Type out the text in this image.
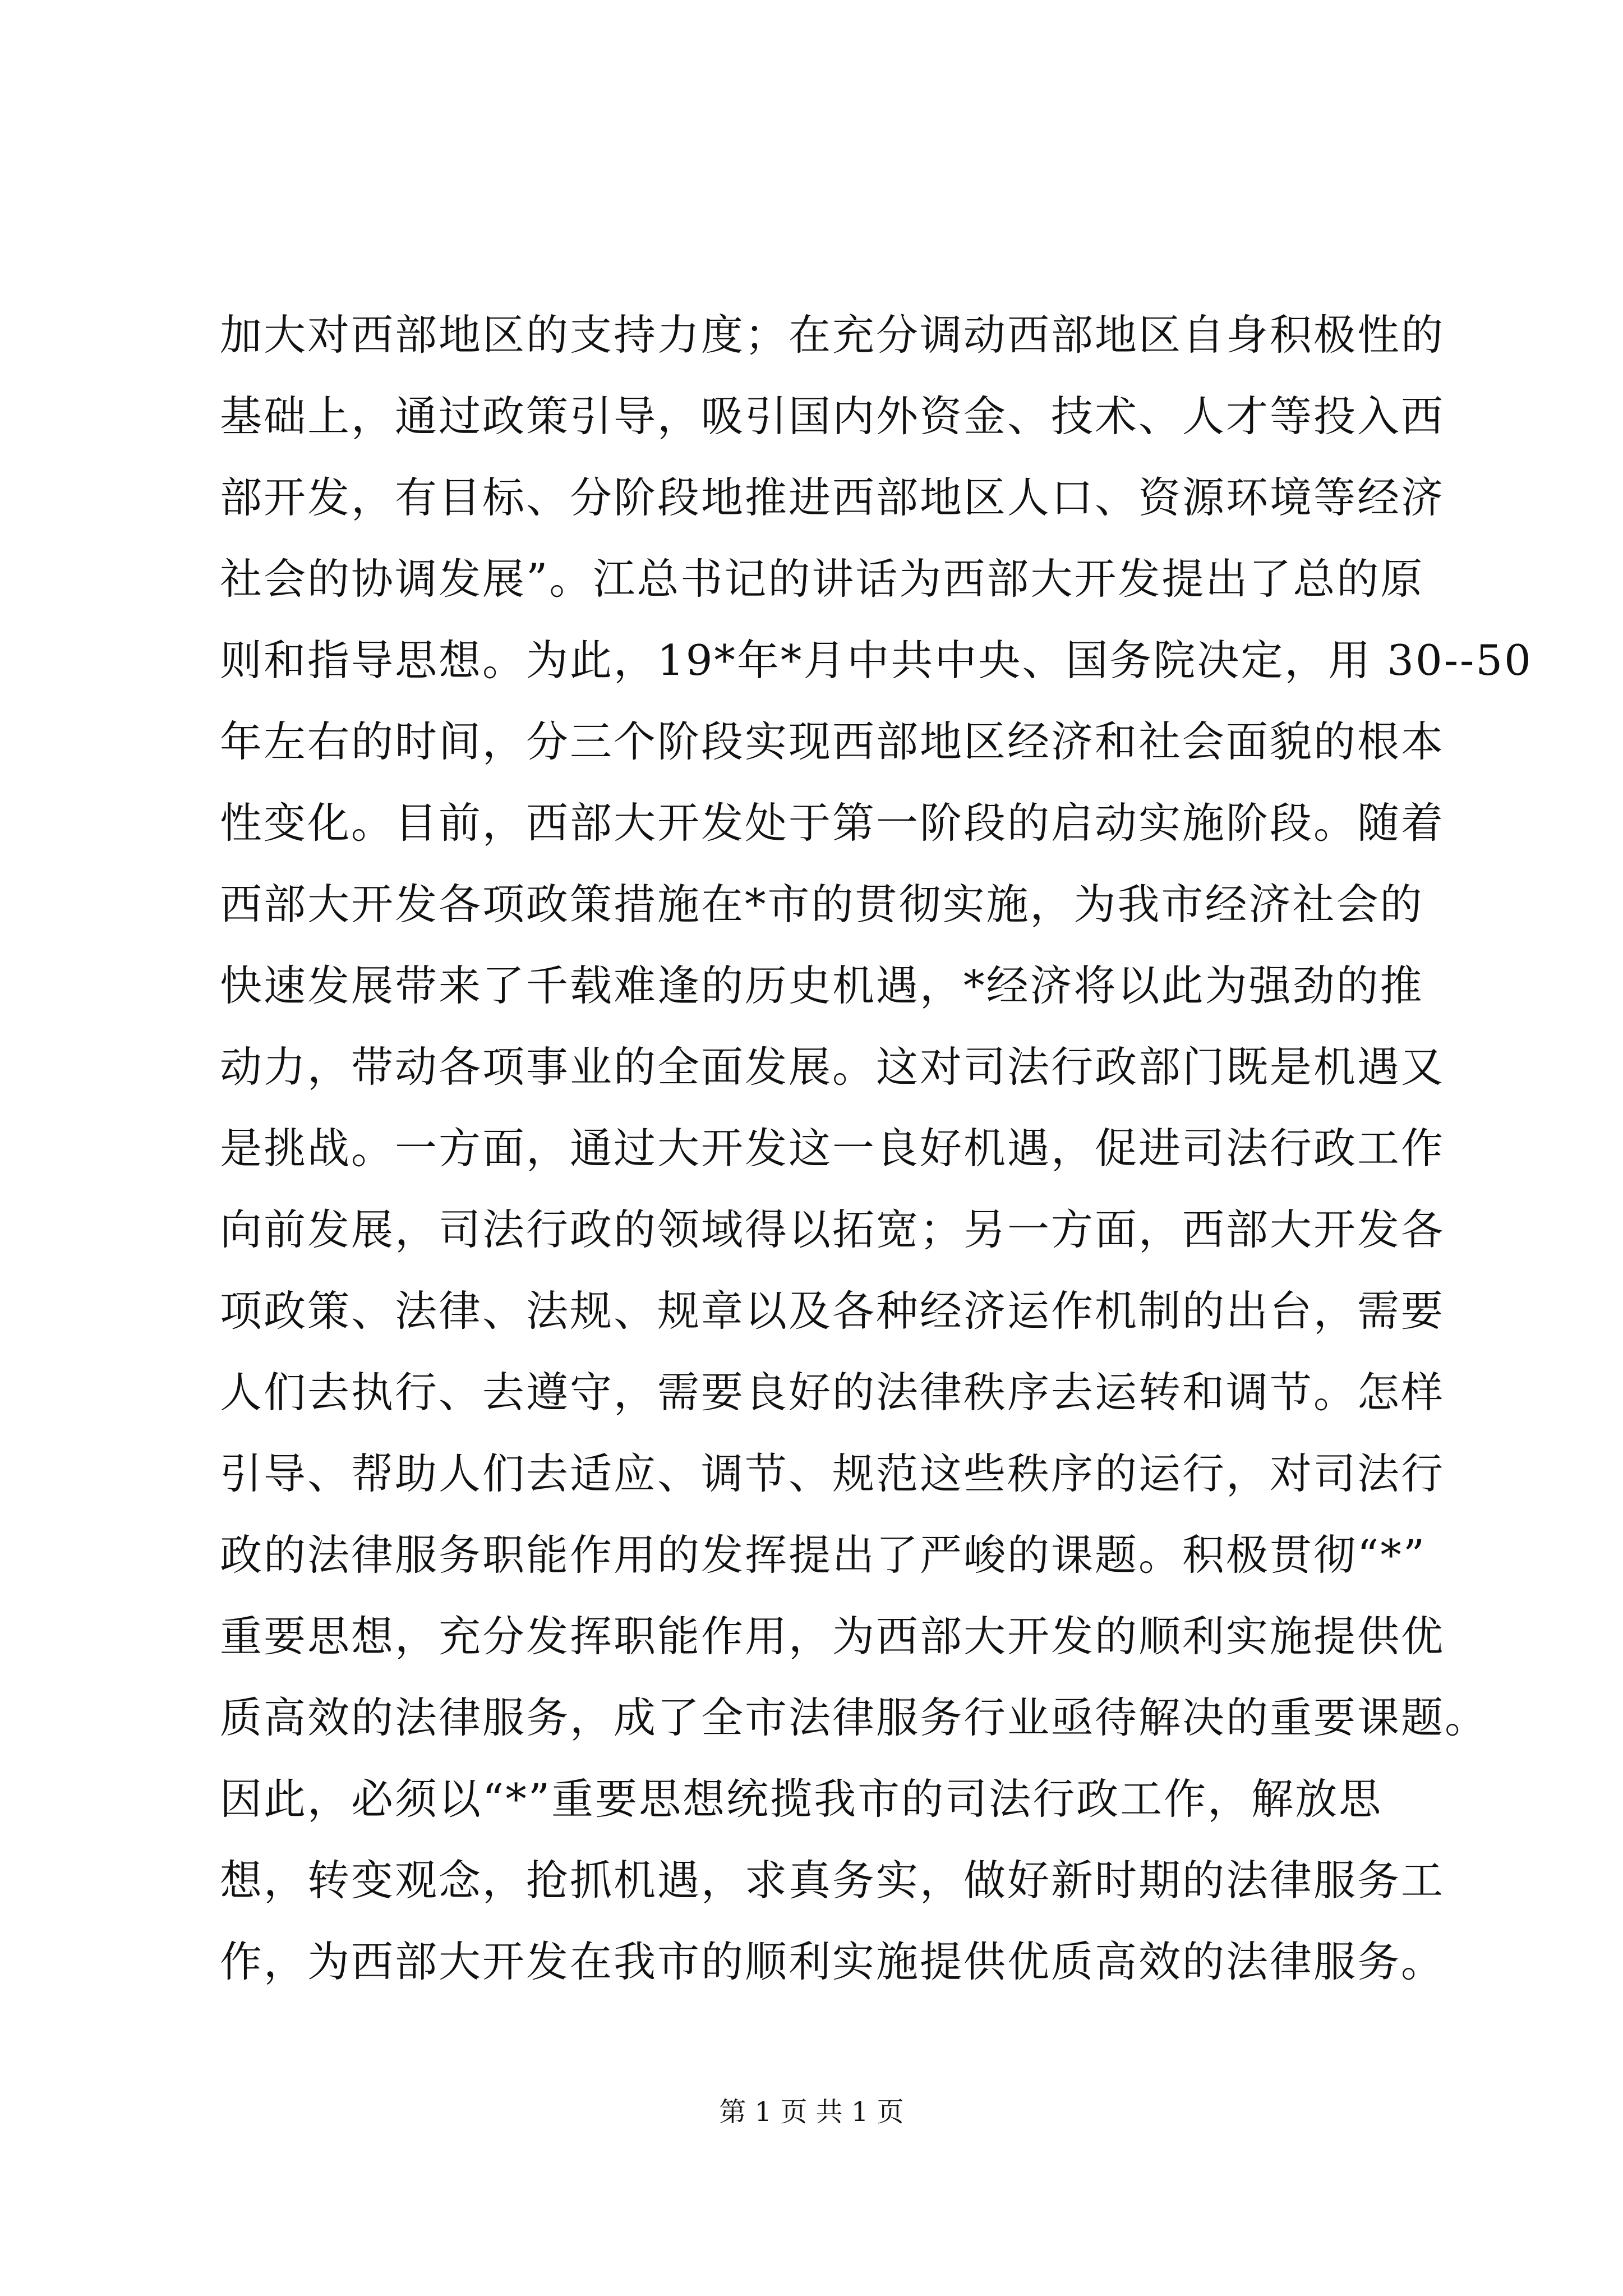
加大对西部地区的支持力度；在充分调动西部地区自身积极性的
基础上，通过政策引导，吸引国内外资金、技术、人才等投入西
部开发，有目标、分阶段地推进西部地区人口、资源环境等经济
社会的协调发展”。江总书记的讲话为西部大开发提出了总的原
则和指导思想。为此，19*年*月中共中央、国务院决定，用 30--50
年左右的时间，分三个阶段实现西部地区经济和社会面貌的根本
性变化。目前，西部大开发处于第一阶段的启动实施阶段。随着
西部大开发各项政策措施在*市的贯彻实施，为我市经济社会的
快速发展带来了千载难逢的历史机遇，*经济将以此为强劲的推
动力，带动各项事业的全面发展。这对司法行政部门既是机遇又
是挑战。一方面，通过大开发这一良好机遇，促进司法行政工作
向前发展，司法行政的领域得以拓宽；另一方面，西部大开发各
项政策、法律、法规、规章以及各种经济运作机制的出台，需要
人们去执行、去遵守，需要良好的法律秩序去运转和调节。怎样
引导、帮助人们去适应、调节、规范这些秩序的运行，对司法行
政的法律服务职能作用的发挥提出了严峻的课题。积极贯彻“*”
重要思想，充分发挥职能作用，为西部大开发的顺利实施提供优
质高效的法律服务，成了全市法律服务行业亟待解决的重要课题。
因此，必须以“*”重要思想统揽我市的司法行政工作，解放思
想，转变观念，抢抓机遇，求真务实，做好新时期的法律服务工
作，为西部大开发在我市的顺利实施提供优质高效的法律服务。
第 1 页 共 1 页
